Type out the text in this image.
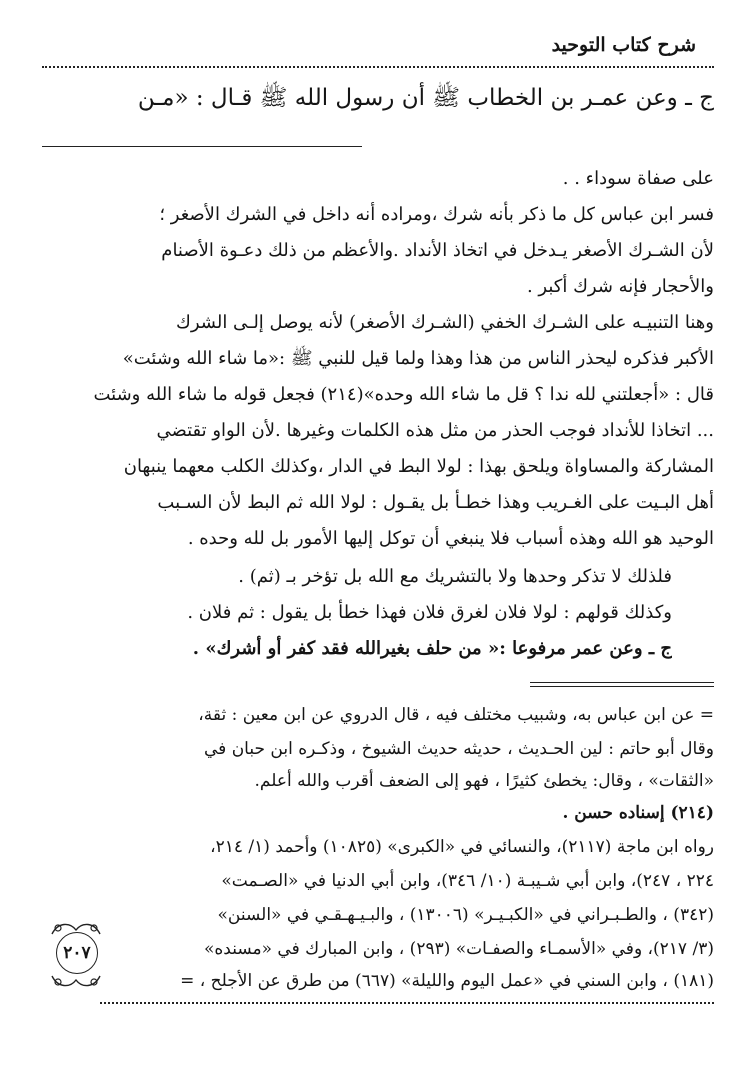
شرح كتاب التوحيد
ج ـ وعن عمـر بن الخطاب ﷺ أن رسول الله ﷺ قـال : «مـن
على صفاة سوداء . .
فسر ابن عباس كل ما ذكر بأنه شرك ،ومراده أنه داخل في الشرك الأصغر ؛
لأن الشـرك الأصغر يـدخل في اتخاذ الأنداد .والأعظم من ذلك دعـوة الأصنام
والأحجار فإنه شرك أكبر .
وهنا التنبيـه على الشـرك الخفي (الشـرك الأصغر) لأنه يوصل إلـى الشرك
الأكبر فذكره ليحذر الناس من هذا وهذا ولما قيل للنبي ﷺ :«ما شاء الله وشئت»
قال : «أجعلتني لله ندا ؟ قل ما شاء الله وحده»(٢١٤) فجعل قوله ما شاء الله وشئت
... اتخاذا للأنداد فوجب الحذر من مثل هذه الكلمات وغيرها .لأن الواو تقتضي
المشاركة والمساواة ويلحق بهذا : لولا البط في الدار ،وكذلك الكلب معهما ينبهان
أهل البـيت على الغـريب وهذا خطـأ بل يقـول : لولا الله ثم البط لأن السـبب
الوحيد هو الله وهذه أسباب فلا ينبغي أن توكل إليها الأمور بل لله وحده .
فلذلك لا تذكر وحدها ولا بالتشريك مع الله بل تؤخر بـ (ثم) .
وكذلك قولهم : لولا فلان لغرق فلان فهذا خطأ بل يقول : ثم فلان .
ج ـ وعن عمر مرفوعا :« من حلف بغيرالله فقد كفر أو أشرك» .
= عن ابن عباس به، وشبيب مختلف فيه ، قال الدروي عن ابن معين : ثقة،
وقال أبو حاتم : لين الحـديث ، حديثه حديث الشيوخ ، وذكـره ابن حبان في
«الثقات» ، وقال: يخطئ كثيرًا ، فهو إلى الضعف أقرب والله أعلم.
(٢١٤) إسناده حسن .
رواه ابن ماجة (٢١١٧)، والنسائي في «الكبرى» (١٠٨٢٥) وأحمد (١/ ٢١٤،
٢٢٤ ، ٢٤٧)، وابن أبي شـيبـة (١٠/ ٣٤٦)، وابن أبي الدنيا في «الصـمت»
(٣٤٢) ، والطـبـراني في «الكبـيـر» (١٣٠٠٦) ، والبـيـهـقـي في «السنن»
(٣/ ٢١٧)، وفي «الأسمـاء والصفـات» (٢٩٣) ، وابن المبارك في «مسنده»
(١٨١) ، وابن السني في «عمل اليوم والليلة» (٦٦٧) من طرق عن الأجلح ، =
٢٠٧
